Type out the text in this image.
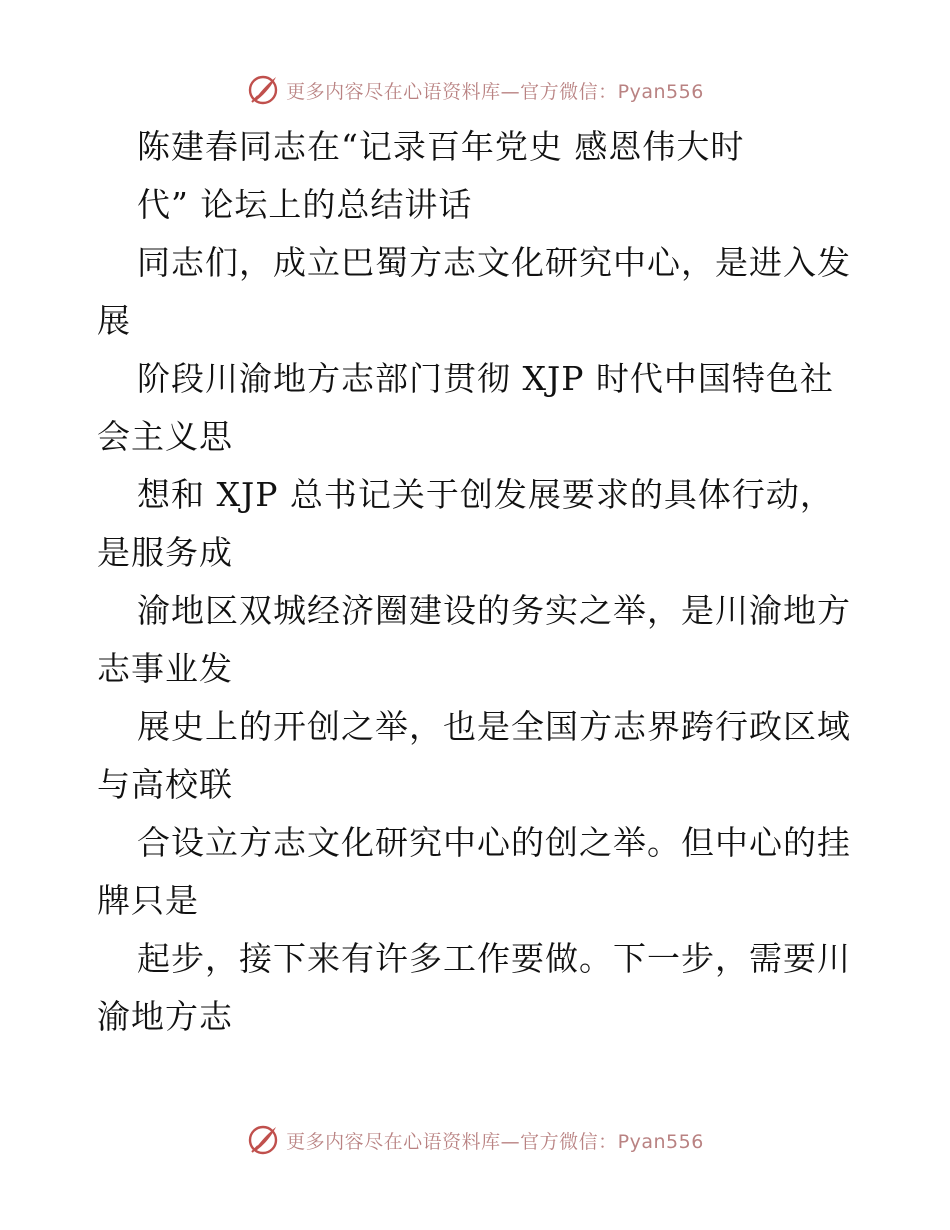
更多内容尽在心语资料库—官方微信：Pyan556
陈建春同志在“记录百年党史 感恩伟大时
代” 论坛上的总结讲话
同志们，成立巴蜀方志文化研究中心，是进入发
展
阶段川渝地方志部门贯彻 XJP 时代中国特色社
会主义思
想和 XJP 总书记关于创发展要求的具体行动，
是服务成
渝地区双城经济圈建设的务实之举，是川渝地方
志事业发
展史上的开创之举，也是全国方志界跨行政区域
与高校联
合设立方志文化研究中心的创之举。但中心的挂
牌只是
起步，接下来有许多工作要做。下一步，需要川
渝地方志
更多内容尽在心语资料库—官方微信：Pyan556
